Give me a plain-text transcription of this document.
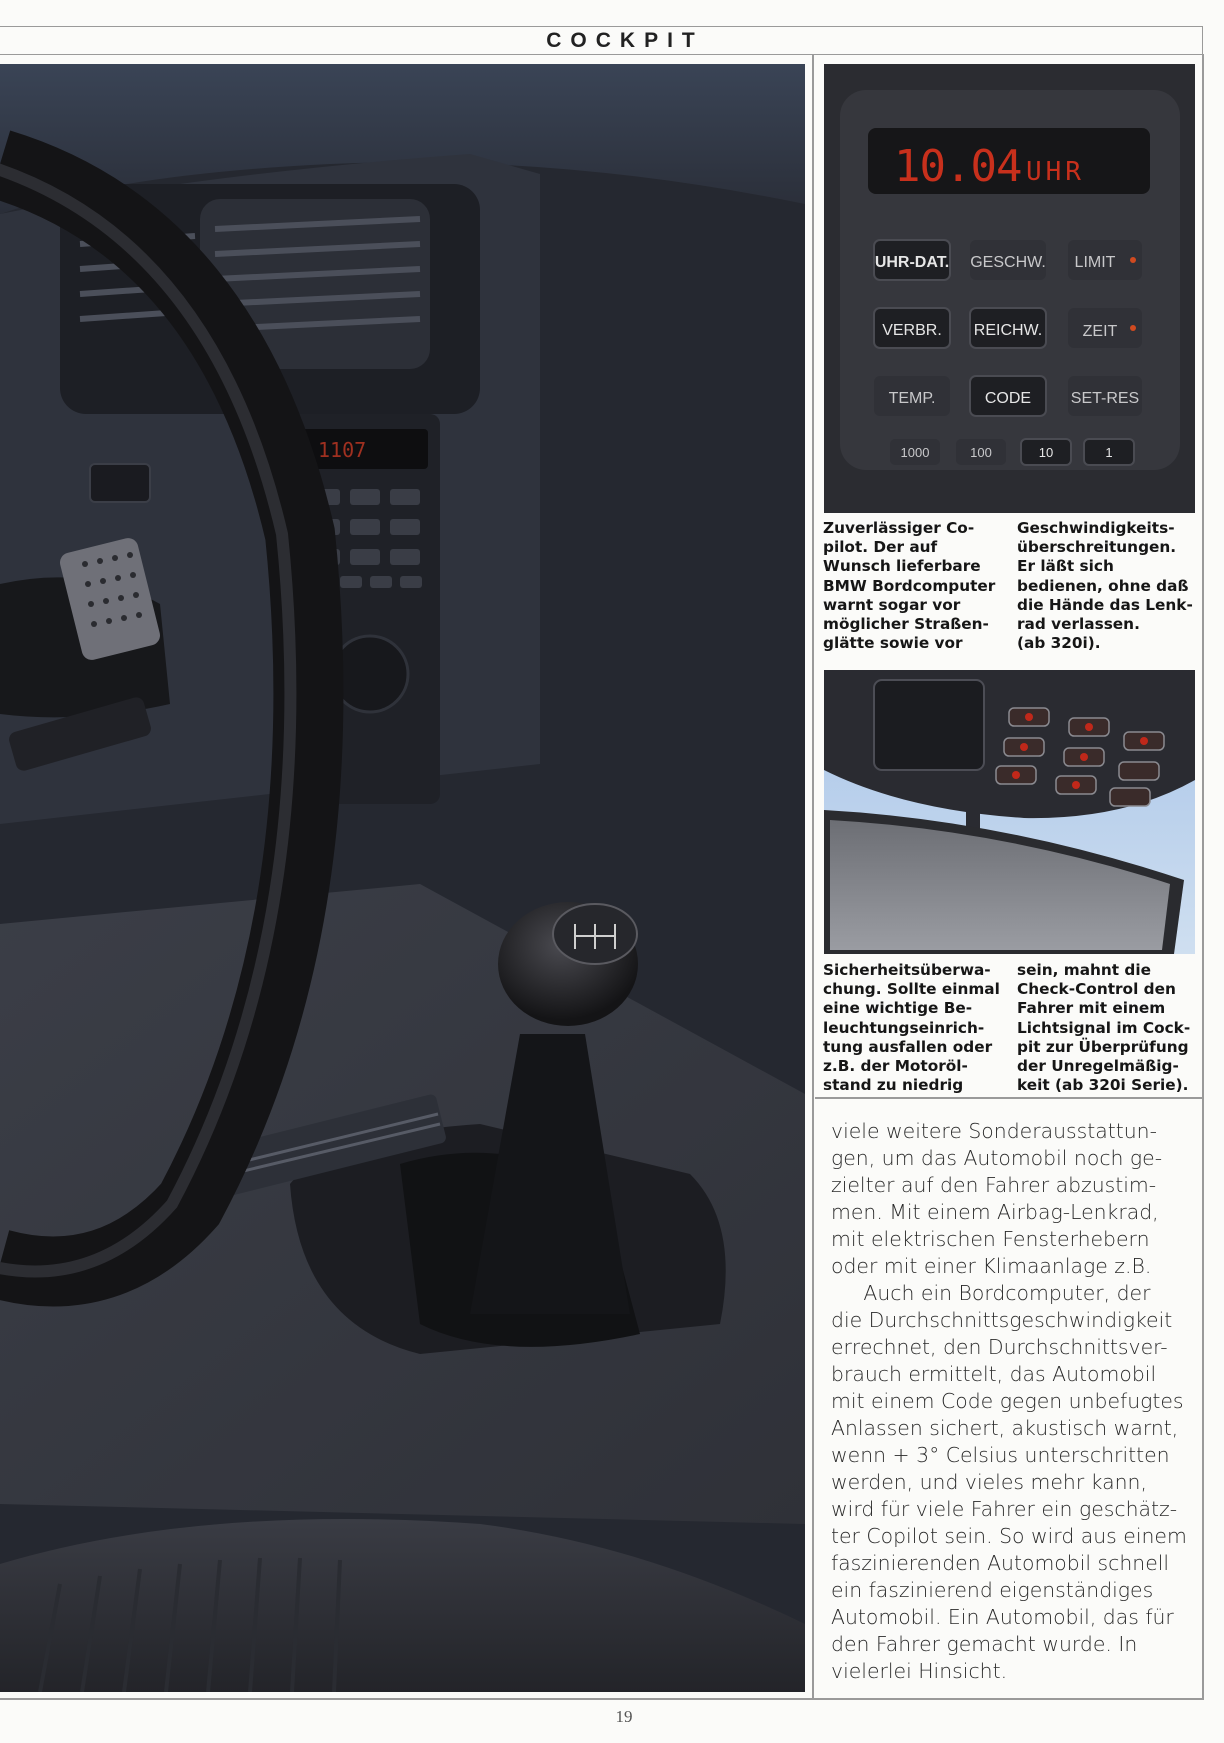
COCKPIT
1107
10.04 UHR
UHR-DAT. GESCHW. LIMIT
VERBR. REICHW.	ZEIT
TEMP.	CODE SET-RES
1000	100	10	1
Zuverlässiger Co-
pilot. Der auf
Wunsch lieferbare
BMW Bordcomputer
warnt sogar vor
möglicher Straßen-
glätte sowie vor
Geschwindigkeits-
überschreitungen.
Er läßt sich
bedienen, ohne daß
die Hände das Lenk-
rad verlassen.
(ab 320i).
Sicherheitsüberwa-
chung. Sollte einmal
eine wichtige Be-
leuchtungseinrich-
tung ausfallen oder
z.B. der Motoröl-
stand zu niedrig
sein, mahnt die
Check-Control den
Fahrer mit einem
Lichtsignal im Cock-
pit zur Überprüfung
der Unregelmäßig-
keit (ab 320i Serie).
viele weitere Sonderausstattun-
gen, um das Automobil noch ge-
zielter auf den Fahrer abzustim-
men. Mit einem Airbag-Lenkrad,
mit elektrischen Fensterhebern
oder mit einer Klimaanlage z.B.
Auch ein Bordcomputer, der
die Durchschnittsgeschwindigkeit
errechnet, den Durchschnittsver-
brauch ermittelt, das Automobil
mit einem Code gegen unbefugtes
Anlassen sichert, akustisch warnt,
wenn + 3° Celsius unterschritten
werden, und vieles mehr kann,
wird für viele Fahrer ein geschätz-
ter Copilot sein. So wird aus einem
faszinierenden Automobil schnell
ein faszinierend eigenständiges
Automobil. Ein Automobil, das für
den Fahrer gemacht wurde. In
vielerlei Hinsicht.
19
